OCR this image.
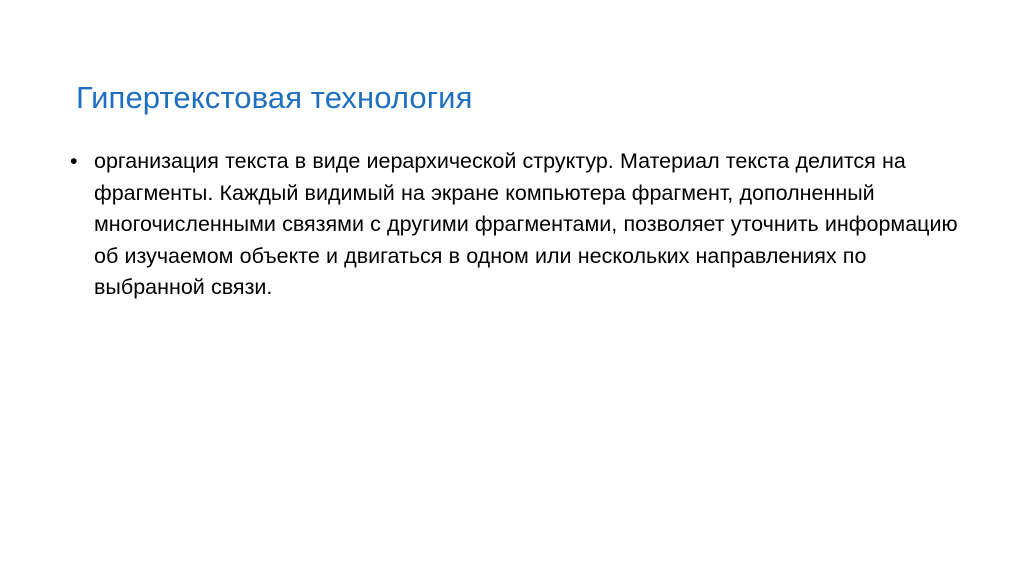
Гипертекстовая технология
• организация текста в виде иерархической структур. Материал текста делится на фрагменты. Каждый видимый на экране компьютера фрагмент, дополненный многочисленными связями с другими фрагментами, позволяет уточнить информацию об изучаемом объекте и двигаться в одном или нескольких направлениях по выбранной связи.
